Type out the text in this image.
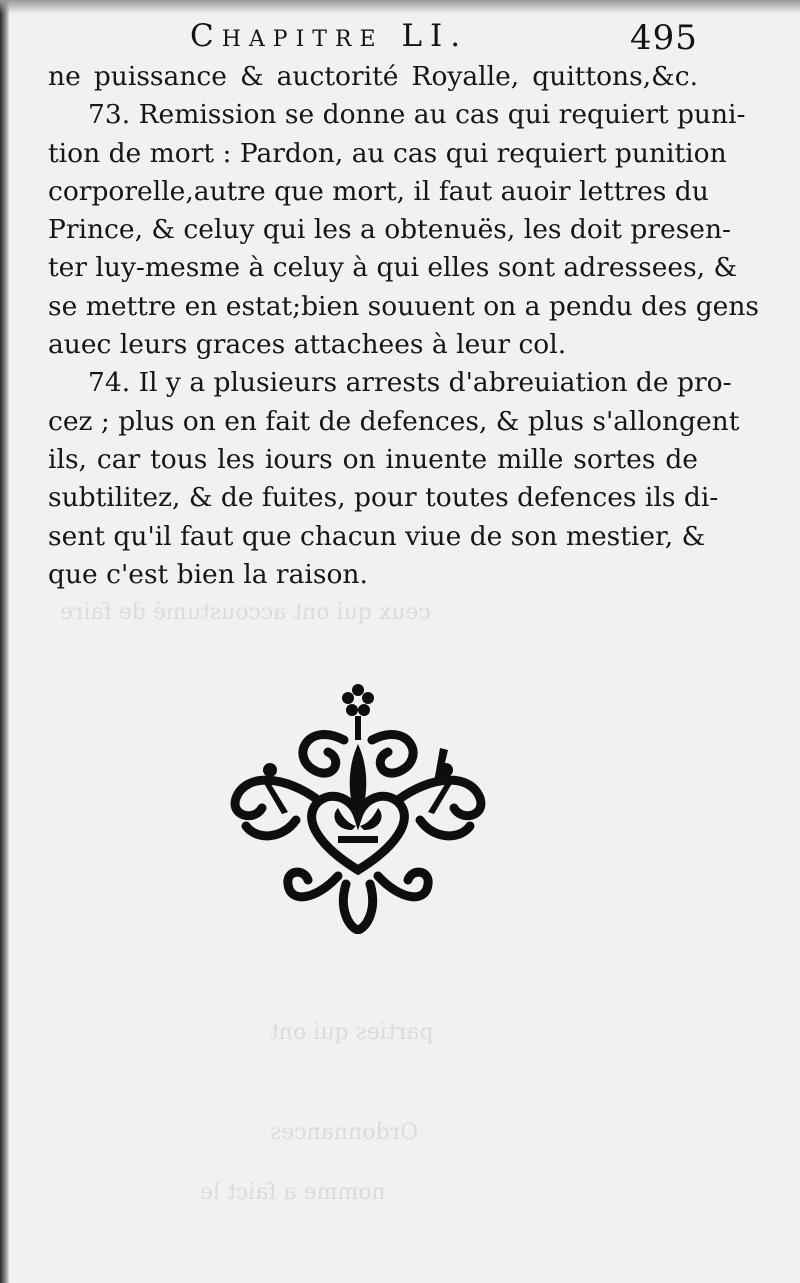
ceux qui ont accoustumé de faire
parties qui ont
Ordonnances
nomme a faict le
Chapitre LI.	495
ne puissance & auctorité Royalle, quittons,&c.
73. Remission se donne au cas qui requiert puni-
tion de mort : Pardon, au cas qui requiert punition
corporelle,autre que mort, il faut auoir lettres du
Prince, & celuy qui les a obtenuës, les doit presen-
ter luy-mesme à celuy à qui elles sont adressees, &
se mettre en estat;bien souuent on a pendu des gens
auec leurs graces attachees à leur col.
74. Il y a plusieurs arrests d'abreuiation de pro-
cez ; plus on en fait de defences, & plus s'allongent
ils, car tous les iours on inuente mille sortes de
subtilitez, & de fuites, pour toutes defences ils di-
sent qu'il faut que chacun viue de son mestier, &
que c'est bien la raison.
